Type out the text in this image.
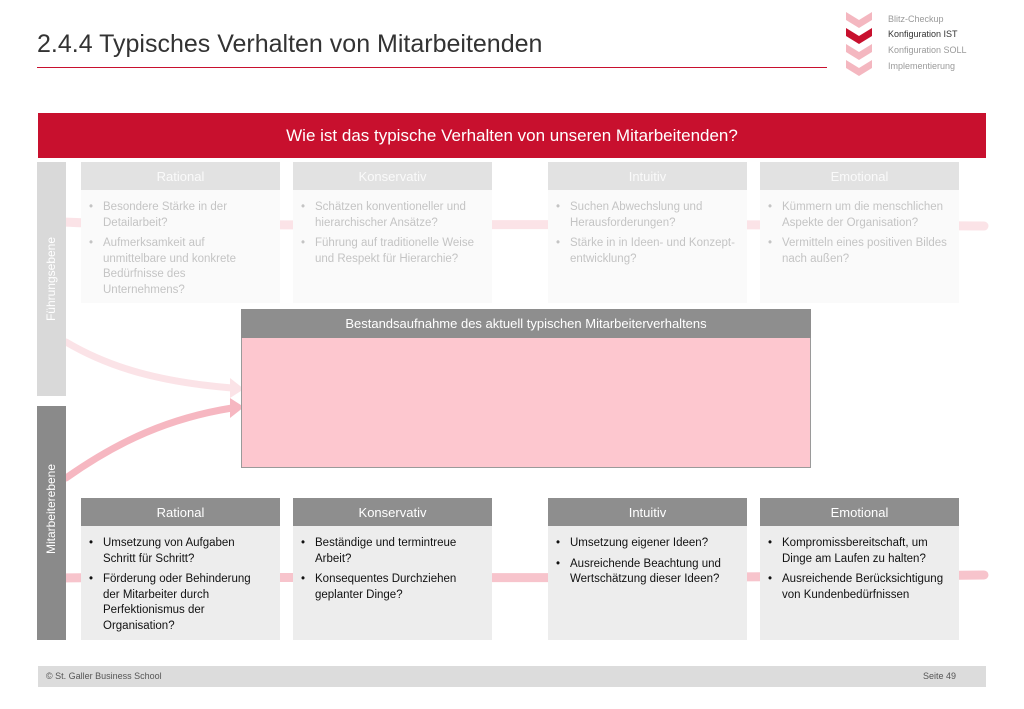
2.4.4 Typisches Verhalten von Mitarbeitenden
Blitz-Checkup
Konfiguration IST
Konfiguration SOLL
Implementierung
Wie ist das typische Verhalten von unseren Mitarbeitenden?
Führungsebene
Mitarbeiterebene
Rational
• Besondere Stärke in der Detailarbeit?
• Aufmerksamkeit auf unmittelbare und konkrete Bedürfnisse des Unternehmens?
Konservativ
• Schätzen konventioneller und hierarchischer Ansätze?
• Führung auf traditionelle Weise und Respekt für Hierarchie?
Intuitiv
• Suchen Abwechslung und Herausforderungen?
• Stärke in in Ideen- und Konzept-entwicklung?
Emotional
• Kümmern um die menschlichen Aspekte der Organisation?
• Vermitteln eines positiven Bildes nach außen?
Bestandsaufnahme des aktuell typischen Mitarbeiterverhaltens
Rational
• Umsetzung von Aufgaben Schritt für Schritt?
• Förderung oder Behinderung der Mitarbeiter durch Perfektionismus der Organisation?
Konservativ
• Beständige und termintreue Arbeit?
• Konsequentes Durchziehen geplanter Dinge?
Intuitiv
• Umsetzung eigener Ideen?
• Ausreichende Beachtung und Wertschätzung dieser Ideen?
Emotional
• Kompromissbereitschaft, um Dinge am Laufen zu halten?
• Ausreichende Berücksichtigung von Kundenbedürfnissen
© St. Galler Business School	Seite 49
